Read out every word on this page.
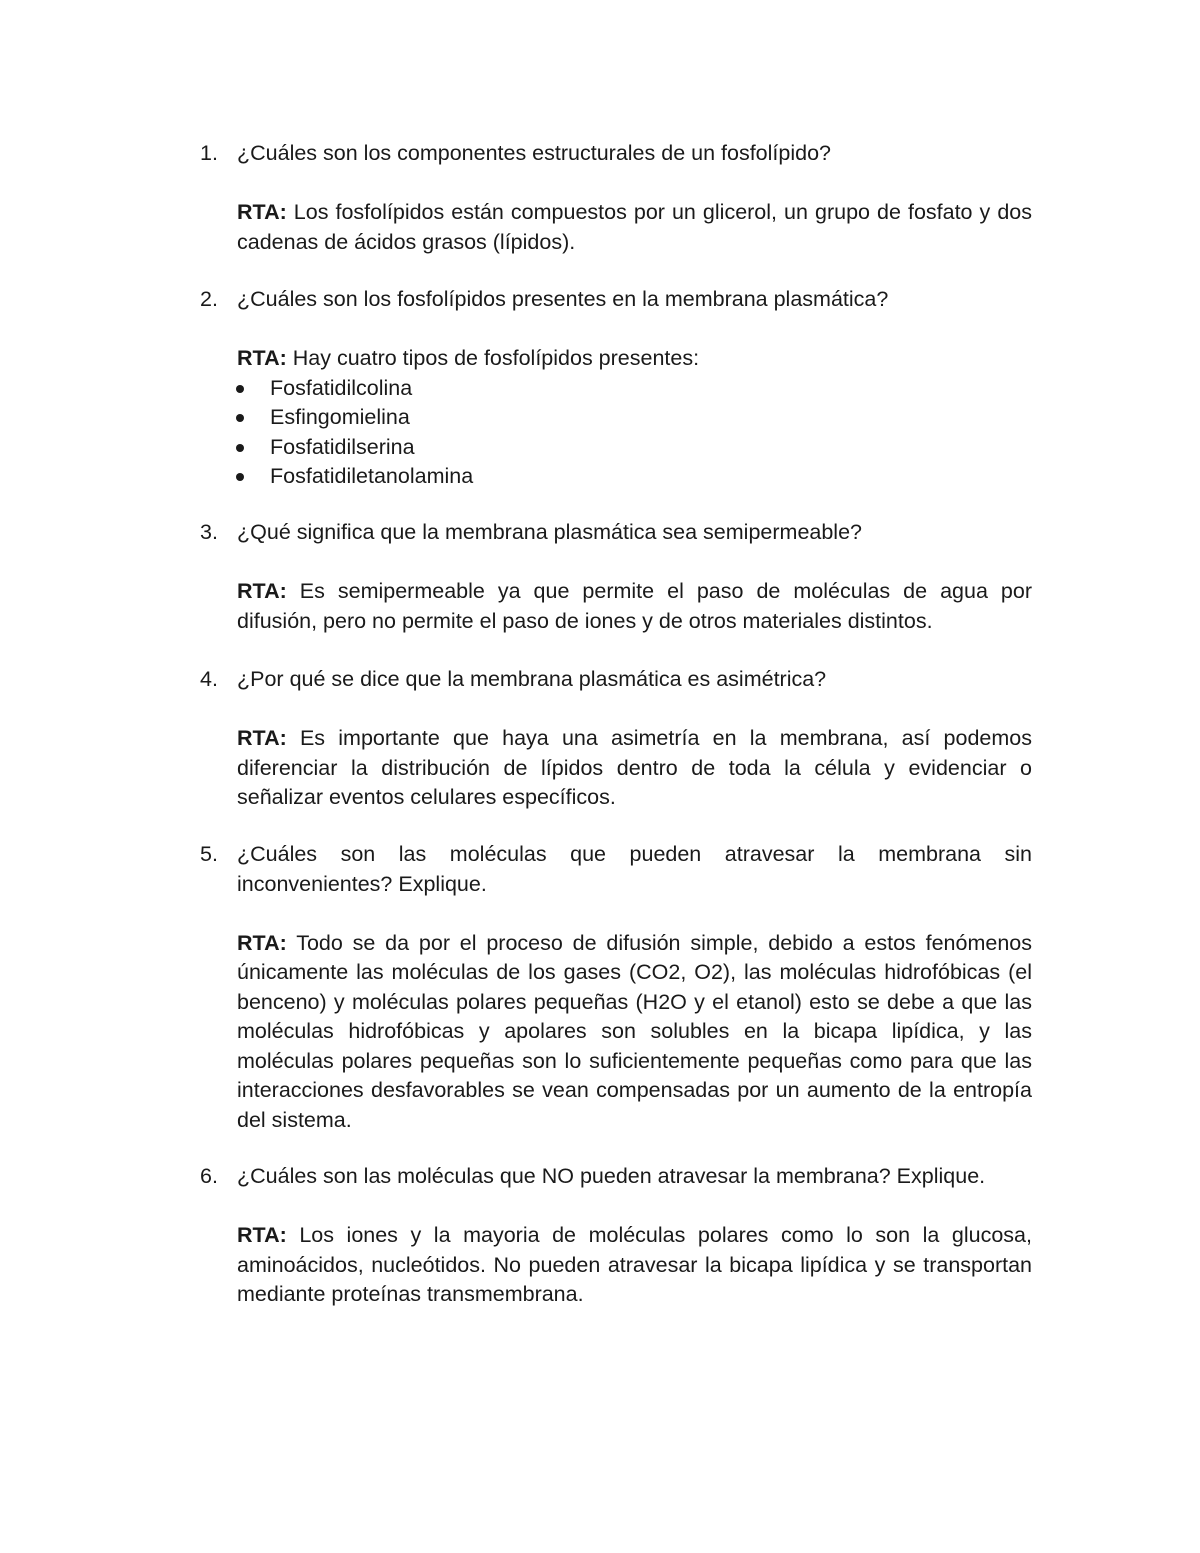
1. ¿Cuáles son los componentes estructurales de un fosfolípido?
RTA: Los fosfolípidos están compuestos por un glicerol, un grupo de fosfato y dos cadenas de ácidos grasos (lípidos).
2. ¿Cuáles son los fosfolípidos presentes en la membrana plasmática?
RTA: Hay cuatro tipos de fosfolípidos presentes:
Fosfatidilcolina
Esfingomielina
Fosfatidilserina
Fosfatidiletanolamina
3. ¿Qué significa que la membrana plasmática sea semipermeable?
RTA: Es semipermeable ya que permite el paso de moléculas de agua por difusión, pero no permite el paso de iones y de otros materiales distintos.
4. ¿Por qué se dice que la membrana plasmática es asimétrica?
RTA: Es importante que haya una asimetría en la membrana, así podemos diferenciar la distribución de lípidos dentro de toda la célula y evidenciar o señalizar eventos celulares específicos.
5. ¿Cuáles son las moléculas que pueden atravesar la membrana sin inconvenientes? Explique.
RTA: Todo se da por el proceso de difusión simple, debido a estos fenómenos únicamente las moléculas de los gases (CO2, O2), las moléculas hidrofóbicas (el benceno) y moléculas polares pequeñas (H2O y el etanol) esto se debe a que las moléculas hidrofóbicas y apolares son solubles en la bicapa lipídica, y las moléculas polares pequeñas son lo suficientemente pequeñas como para que las interacciones desfavorables se vean compensadas por un aumento de la entropía del sistema.
6. ¿Cuáles son las moléculas que NO pueden atravesar la membrana? Explique.
RTA: Los iones y la mayoria de moléculas polares como lo son la glucosa, aminoácidos, nucleótidos. No pueden atravesar la bicapa lipídica y se transportan mediante proteínas transmembrana.
